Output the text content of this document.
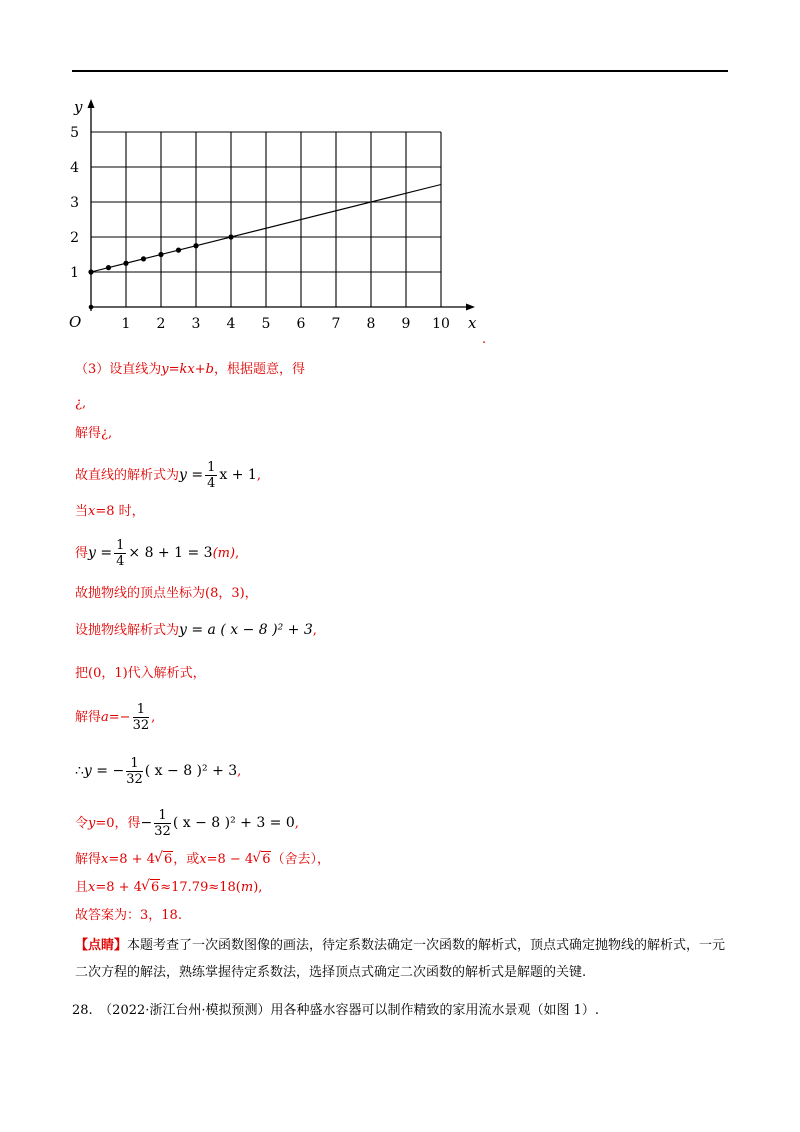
x
y
O	1 2 3 4 5 6 7 8 9 10
1
2
3
4
5
.
（3）设直线为y=kx+b，根据题意，得
¿,
解得¿,
故直线的解析式为$y = \frac{1}{4}$ x + 1,
当x=8 时，
得$y = \frac{1}{4} \times 8 + 1 = 3(m)$,
故抛物线的顶点坐标为(8，3)，
设抛物线解析式为y = a ( x − 8 )² + 3,
把(0，1)代入解析式，
解得$a=- \frac{1}{32}$ ,
∴y = − $\frac{1}{32}$ ( x − 8 )² + 3,
令y=0，得− $\frac{1}{32}$ ( x − 8 )² + 3 = 0,
解得x=8 + 4 √ 6，或x=8 − 4 √ 6（舍去），
且x=8 + 4 √ 6≈17.79≈18(m),
故答案为：3，18.
【点睛】本题考查了一次函数图像的画法，待定系数法确定一次函数的解析式，顶点式确定抛物线的解析式，一元二次方程的解法，熟练掌握待定系数法，选择顶点式确定二次函数的解析式是解题的关键.
28.　（2022·浙江台州·模拟预测）用各种盛水容器可以制作精致的家用流水景观（如图 1）.
